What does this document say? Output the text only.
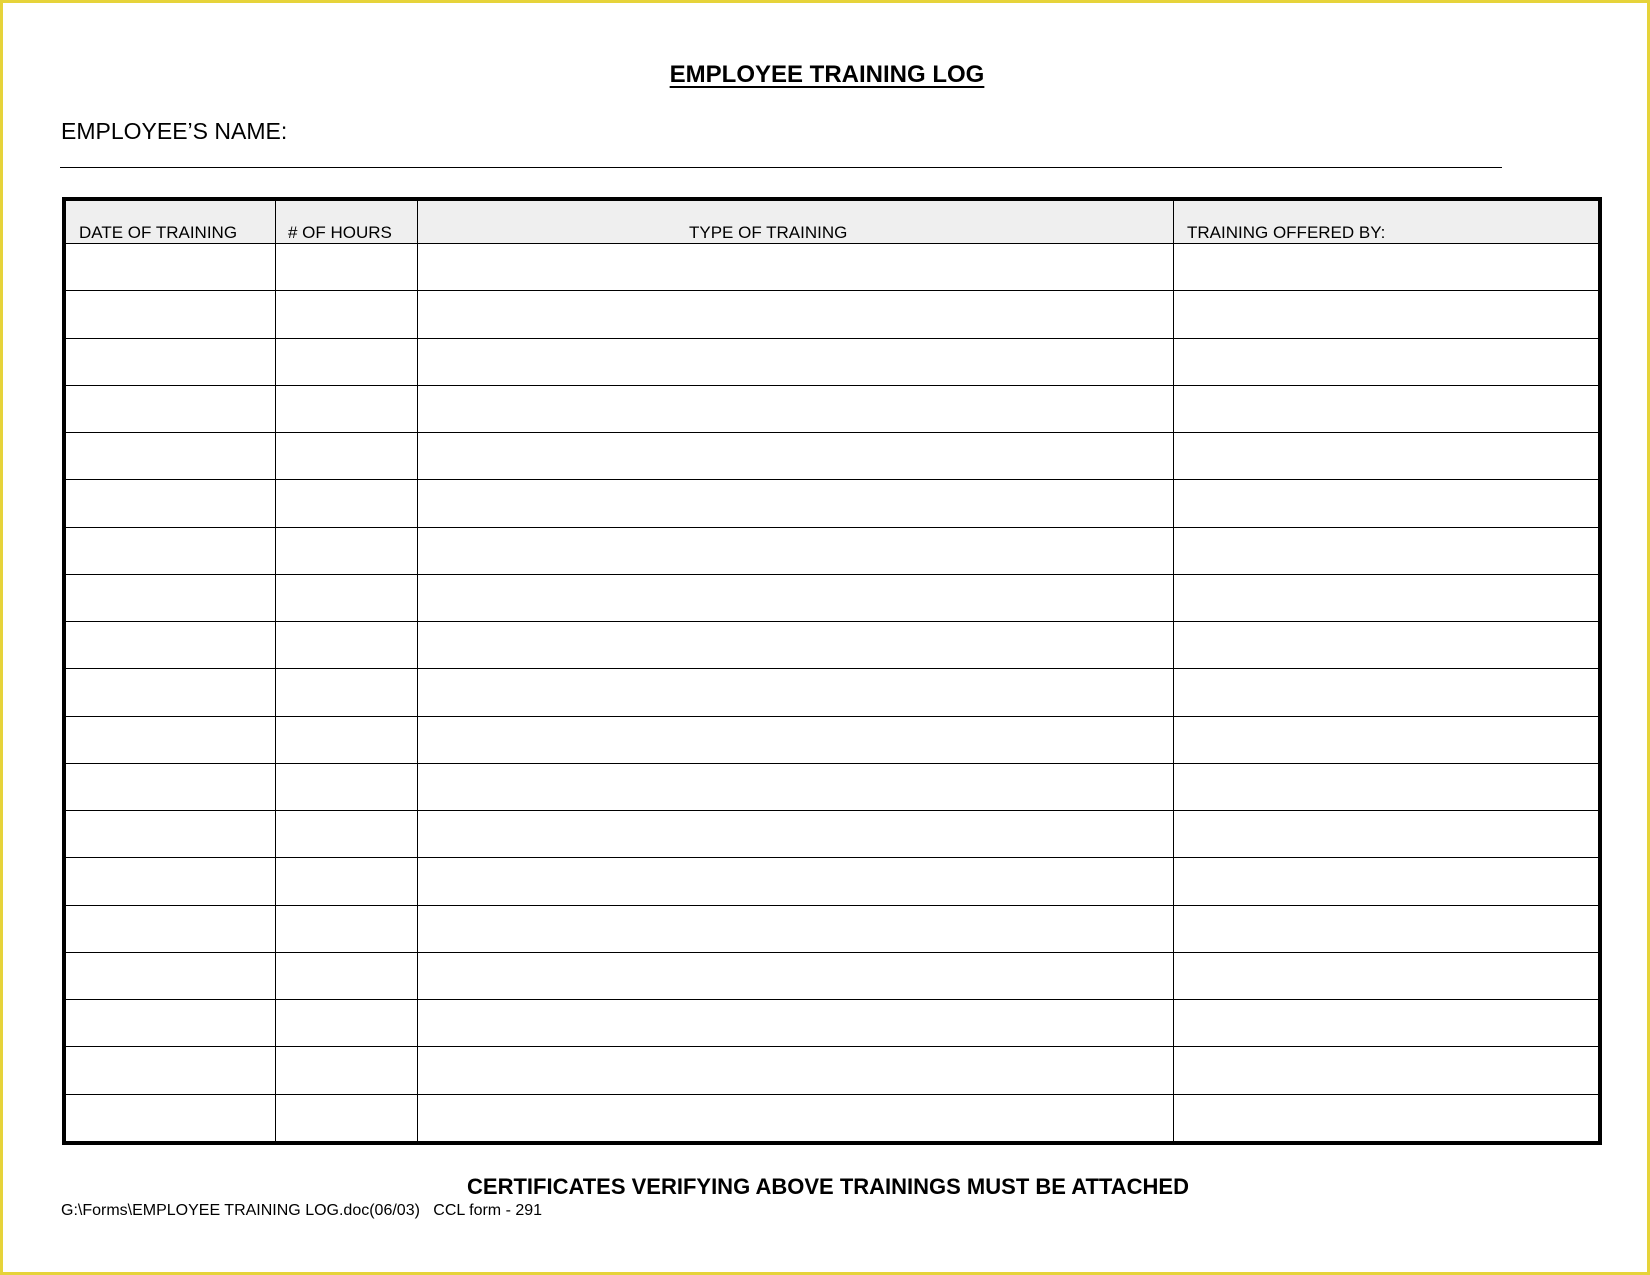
EMPLOYEE TRAINING LOG
EMPLOYEE’S NAME:
DATE OF TRAINING	# OF HOURS	TYPE OF TRAINING	TRAINING OFFERED BY:
CERTIFICATES VERIFYING ABOVE TRAININGS MUST BE ATTACHED
G:\Forms\EMPLOYEE TRAINING LOG.doc(06/03) CCL form - 291
